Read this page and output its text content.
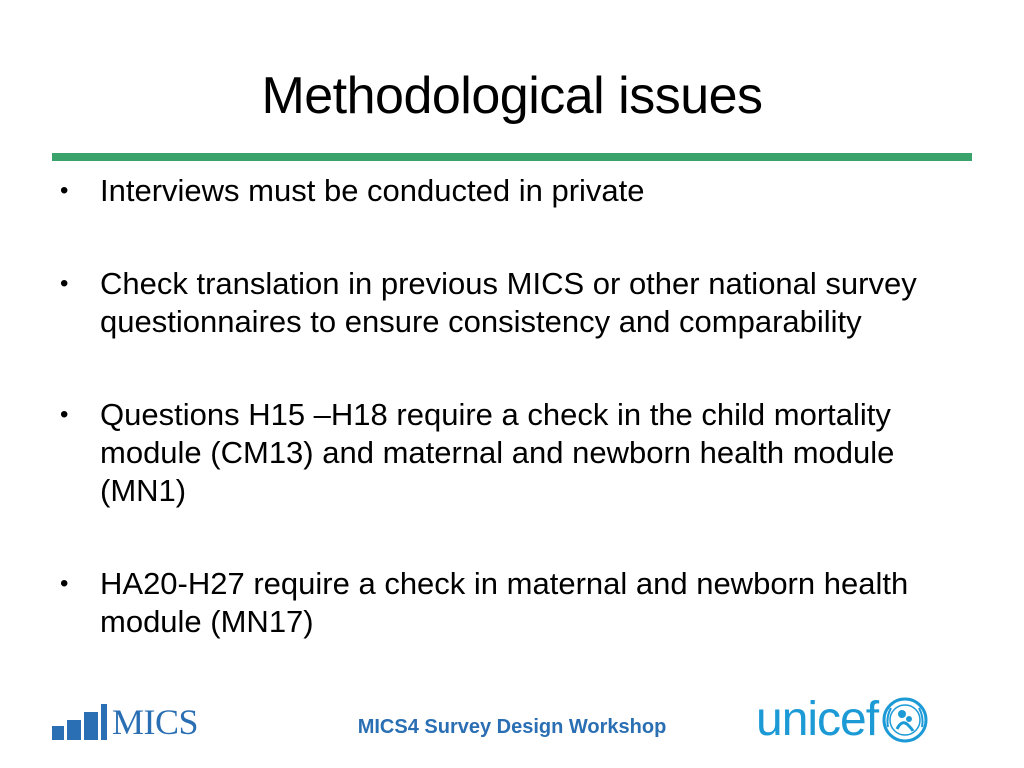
Methodological issues
•	Interviews must be conducted in private
•	Check translation in previous MICS or other national survey questionnaires to ensure consistency and comparability
•	Questions H15 –H18 require a check in the child mortality module (CM13) and maternal and newborn health module (MN1)
•	HA20-H27 require a check in maternal and newborn health module (MN17)
MICS	MICS4 Survey Design Workshop	unicef
